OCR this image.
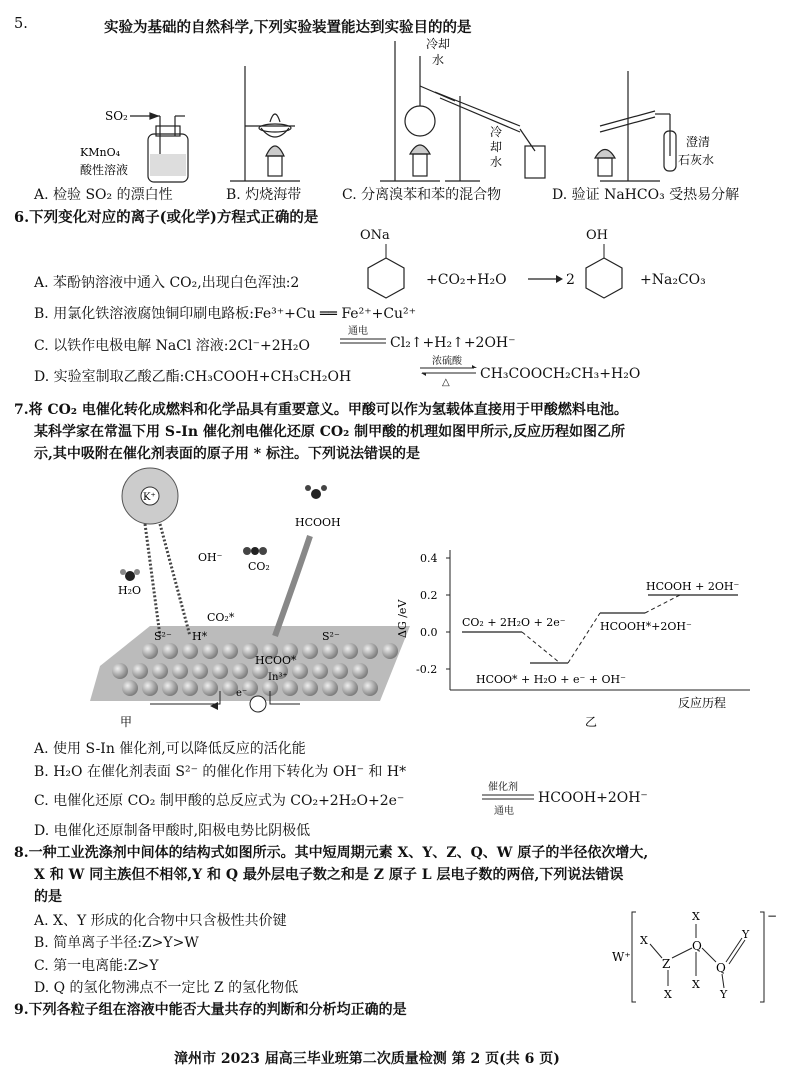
5.	实验为基础的自然科学,下列实验装置能达到实验目的的是
SO₂
KMnO₄
酸性溶液
冷却
水
冷
却
水
澄清
石灰水
A. 检验 SO₂ 的漂白性	B. 灼烧海带	C. 分离溴苯和苯的混合物	D. 验证 NaHCO₃ 受热易分解
6.下列变化对应的离子(或化学)方程式正确的是
A. 苯酚钠溶液中通入 CO₂,出现白色浑浊:2
ONa
+CO₂+H₂O	2
OH
+Na₂CO₃
B. 用氯化铁溶液腐蚀铜印刷电路板:Fe³⁺+Cu ══ Fe²⁺+Cu²⁺
C. 以铁作电极电解 NaCl 溶液:2Cl⁻+2H₂O
通电
Cl₂↑+H₂↑+2OH⁻
D. 实验室制取乙酸乙酯:CH₃COOH+CH₃CH₂OH
浓硫酸
△
CH₃COOCH₂CH₃+H₂O
7.将 CO₂ 电催化转化成燃料和化学品具有重要意义。甲酸可以作为氢载体直接用于甲酸燃料电池。
某科学家在常温下用 S-In 催化剂电催化还原 CO₂ 制甲酸的机理如图甲所示,反应历程如图乙所
示,其中吸附在催化剂表面的原子用 * 标注。下列说法错误的是
K⁺
H₂O
OH⁻
CO₂
HCOOH
CO₂*
H*
S²⁻	S²⁻
HCOO*
In³⁺
e⁻
甲
0.4
0.2
0.0
-0.2
ΔG /eV	CO₂ + 2H₂O + 2e⁻
HCOO* + H₂O + e⁻ + OH⁻
HCOOH*+2OH⁻
HCOOH + 2OH⁻
反应历程
乙
A. 使用 S-In 催化剂,可以降低反应的活化能
B. H₂O 在催化剂表面 S²⁻ 的催化作用下转化为 OH⁻ 和 H*
C. 电催化还原 CO₂ 制甲酸的总反应式为 CO₂+2H₂O+2e⁻
催化剂
通电
HCOOH+2OH⁻
D. 电催化还原制备甲酸时,阳极电势比阴极低
8.一种工业洗涤剂中间体的结构式如图所示。其中短周期元素 X、Y、Z、Q、W 原子的半径依次增大,
X 和 W 同主族但不相邻,Y 和 Q 最外层电子数之和是 Z 原子 L 层电子数的两倍,下列说法错误
的是
A. X、Y 形成的化合物中只含极性共价键
B. 简单离子半径:Z>Y>W
C. 第一电离能:Z>Y
D. Q 的氢化物沸点不一定比 Z 的氢化物低
W⁺
−
X
Z
X
X
Q
X
Q
Y
Y
9.下列各粒子组在溶液中能否大量共存的判断和分析均正确的是
漳州市 2023 届高三毕业班第二次质量检测 第 2 页(共 6 页)
